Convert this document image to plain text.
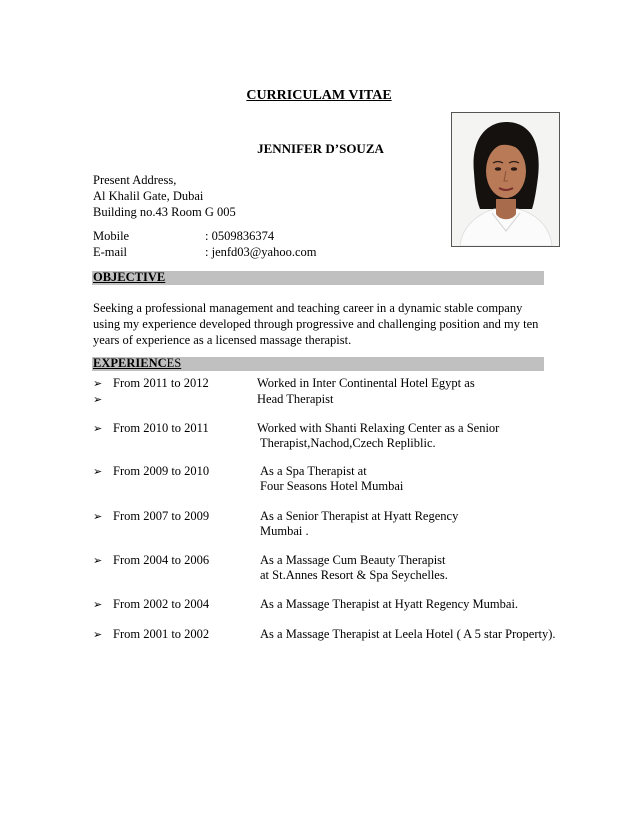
CURRICULAM VITAE
JENNIFER D’SOUZA
Present Address,
Al Khalil Gate, Dubai
Building no.43 Room G 005
Mobile	: 0509836374
E-mail	: jenfd03@yahoo.com
OBJECTIVE
Seeking a professional management and teaching career in a dynamic stable company
using my experience developed through progressive and challenging position and my ten
years of experience as a licensed massage therapist.
EXPERIENCES
➢ From 2011 to 2012	Worked in Inter Continental Hotel Egypt as
➢	Head Therapist
➢ From 2010 to 2011	Worked with Shanti Relaxing Center as a Senior
Therapist,Nachod,Czech Repliblic.
➢ From 2009 to 2010	As a Spa Therapist at
Four Seasons Hotel Mumbai
➢ From 2007 to 2009	As a Senior Therapist at Hyatt Regency
Mumbai .
➢ From 2004 to 2006	As a Massage Cum Beauty Therapist
at St.Annes Resort & Spa Seychelles.
➢ From 2002 to 2004	As a Massage Therapist at Hyatt Regency Mumbai.
➢ From 2001 to 2002	As a Massage Therapist at Leela Hotel ( A 5 star Property).
